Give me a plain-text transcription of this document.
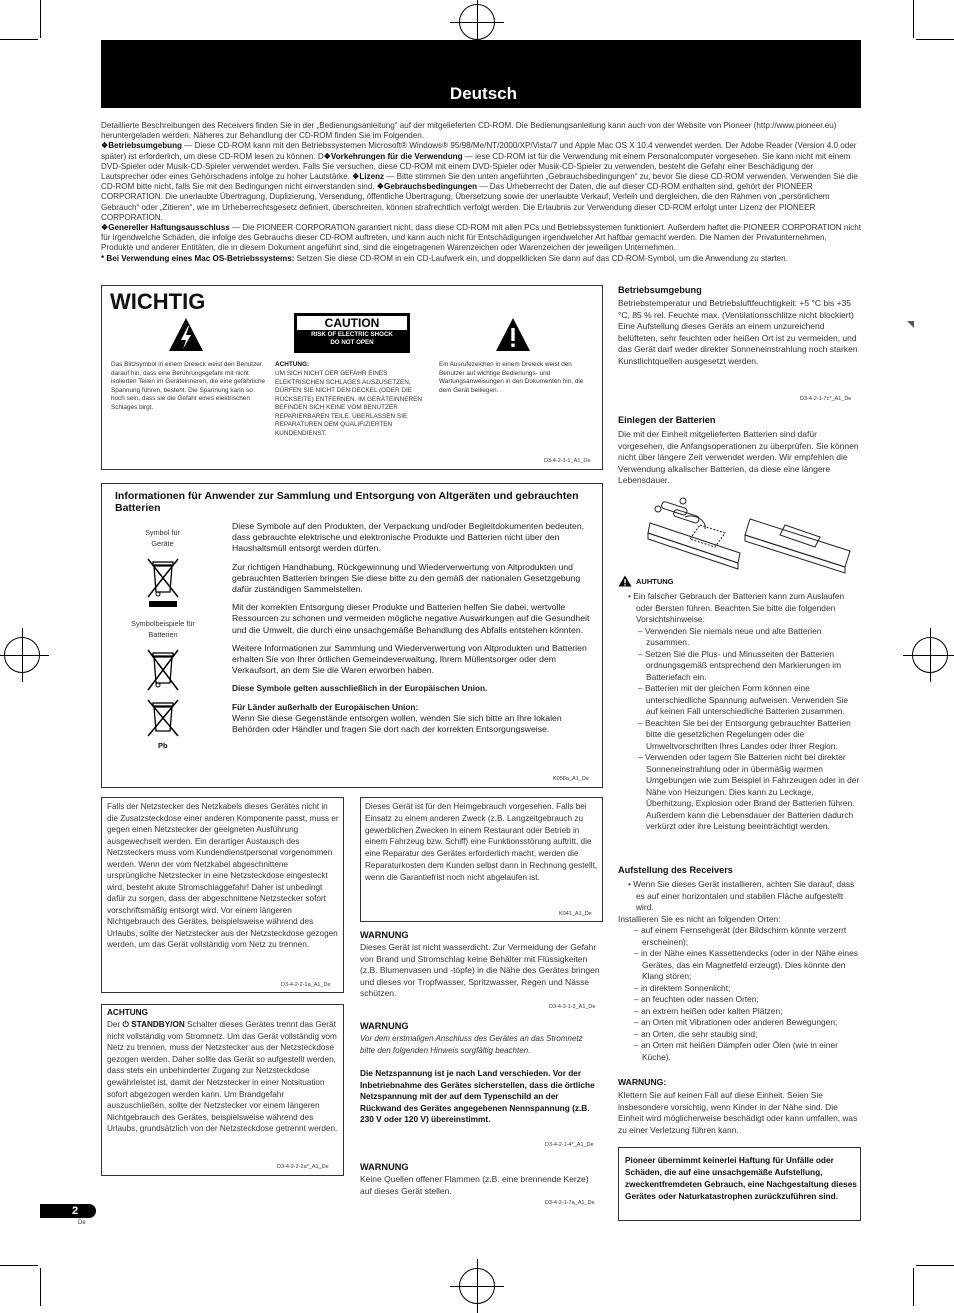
Deutsch

Detaillierte Beschreibungen des Receivers finden Sie in der „Bedienungsanleitung“ auf der mitgelieferten CD-ROM. Die Bedienungsanleitung kann auch von der Website von Pioneer (http://www.pioneer.eu) heruntergeladen werden. Näheres zur Behandlung der CD-ROM finden Sie im Folgenden.

❖Betriebsumgebung — Diese CD-ROM kann mit den Betriebssystemen Microsoft® Windows® 95/98/Me/NT/2000/XP/Vista/7 und Apple Mac OS X 10.4 verwendet werden. Der Adobe Reader (Version 4.0 oder später) ist erforderlich, um diese CD-ROM lesen zu können. D❖Vorkehrungen für die Verwendung — iese CD-ROM ist für die Verwendung mit einem Personalcomputer vorgesehen. Sie kann nicht mit einem DVD-Spieler oder Musik-CD-Spieler verwendet werden. Falls Sie versuchen, diese CD-ROM mit einem DVD-Spieler oder Musik-CD-Spieler zu verwenden, besteht die Gefahr einer Beschädigung der Lautsprecher oder eines Gehörschadens infolge zu hoher Lautstärke. ❖Lizenz — Bitte stimmen Sie den unten angeführten „Gebrauchsbedingungen“ zu, bevor Sie diese CD-ROM verwenden. Verwenden Sie die CD-ROM bitte nicht, falls Sie mit den Bedingungen nicht einverstanden sind. ❖Gebrauchsbedingungen — Das Urheberrecht der Daten, die auf dieser CD-ROM enthalten sind, gehört der PIONEER CORPORATION. Die unerlaubte Übertragung, Duplizierung, Versendung, öffentliche Übertragung, Übersetzung sowie der unerlaubte Verkauf, Verleih und dergleichen, die den Rahmen von „persönlichem Gebrauch“ oder „Zitieren“, wie im Urheberrechtsgesetz definiert, überschreiten, können strafrechtlich verfolgt werden. Die Erlaubnis zur Verwendung dieser CD-ROM erfolgt unter Lizenz der PIONEER CORPORATION.

❖Genereller Haftungsausschluss — Die PIONEER CORPORATION garantiert nicht, dass diese CD-ROM mit allen PCs und Betriebssystemen funktioniert. Außerdem haftet die PIONEER CORPORATION nicht für irgendwelche Schäden, die infolge des Gebrauchs dieser CD-ROM auftreten, und kann auch nicht für Entschädigungen irgendwelcher Art haftbar gemacht werden. Die Namen der Privatunternehmen, Produkte und anderer Entitäten, die in diesem Dokument angeführt sind, sind die eingetragenen Warenzeichen oder Warenzeichen der jeweiligen Unternehmen.

* Bei Verwendung eines Mac OS-Betriebssystems: Setzen Sie diese CD-ROM in ein CD-Laufwerk ein, und doppelklicken Sie dann auf das CD-ROM-Symbol, um die Anwendung zu starten.

WICHTIG
CAUTION
RISK OF ELECTRIC SHOCK
DO NOT OPEN
Das Blitzsymbol in einem Dreieck weist den Benutzer darauf hin, dass eine Berührungsgefahr mit nicht isolierten Teilen im Geräteinneren, die eine gefährliche Spannung führen, besteht. Die Spannung kann so hoch sein, dass sie die Gefahr eines elektrischen Schlages birgt.
ACHTUNG:
UM SICH NICHT DER GEFAHR EINES ELEKTRISCHEN SCHLAGES AUSZUSETZEN, DÜRFEN SIE NICHT DEN DECKEL (ODER DIE RÜCKSEITE) ENTFERNEN. IM GERÄTEINNEREN BEFINDEN SICH KEINE VOM BENUTZER REPARIERBAREN TEILE. ÜBERLASSEN SIE REPARATUREN DEM QUALIFIZIERTEN KUNDENDIENST.
Ein Ausrufezeichen in einem Dreieck weist den Benutzer auf wichtige Bedienungs- und Wartungsanweisungen in den Dokumenten hin, die dem Gerät beiliegen.
D3-4-2-1-1_A1_De
Informationen für Anwender zur Sammlung und Entsorgung von Altgeräten und gebrauchten Batterien
Symbol für Geräte
Symbolbeispiele für Batterien
Pb
Diese Symbole auf den Produkten, der Verpackung und/oder Begleitdokumenten bedeuten, dass gebrauchte elektrische und elektronische Produkte und Batterien nicht über den Haushaltsmüll entsorgt werden dürfen.
Zur richtigen Handhabung, Rückgewinnung und Wiederverwertung von Altprodukten und gebrauchten Batterien bringen Sie diese bitte zu den gemäß der nationalen Gesetzgebung dafür zuständigen Sammelstellen.
Mit der korrekten Entsorgung dieser Produkte und Batterien helfen Sie dabei, wertvolle Ressourcen zu schonen und vermeiden mögliche negative Auswirkungen auf die Gesundheit und die Umwelt, die durch eine unsachgemäße Behandlung des Abfalls entstehen könnten.
Weitere Informationen zur Sammlung und Wiederverwertung von Altprodukten und Batterien erhalten Sie von Ihrer örtlichen Gemeindeverwaltung, Ihrem Müllentsorger oder dem Verkaufsort, an dem Sie die Waren erworben haben.
Diese Symbole gelten ausschließlich in der Europäischen Union.
Für Länder außerhalb der Europäischen Union:
Wenn Sie diese Gegenstände entsorgen wollen, wenden Sie sich bitte an Ihre lokalen Behörden oder Händler und fragen Sie dort nach der korrekten Entsorgungsweise.
K058a_A1_De
Falls der Netzstecker des Netzkabels dieses Gerätes nicht in die Zusatzsteckdose einer anderen Komponente passt, muss er gegen einen Netzstecker der geeigneten Ausführung ausgewechselt werden. Ein derartiger Austausch des Netzsteckers muss vom Kundendienstpersonal vorgenommen werden. Wenn der vom Netzkabel abgeschnittene ursprüngliche Netzstecker in eine Netzsteckdose eingesteckt wird, besteht akute Stromschlaggefahr! Daher ist unbedingt dafür zu sorgen, dass der abgeschnittene Netzstecker sofort vorschriftsmäßig entsorgt wird. Vor einem längeren Nichtgebrauch des Gerätes, beispielsweise während des Urlaubs, sollte der Netzstecker aus der Netzsteckdose gezogen werden, um das Gerät vollständig vom Netz zu trennen.
D3-4-2-2-1a_A1_De
ACHTUNG
Der ⏻ STANDBY/ON Schalter dieses Gerätes trennt das Gerät nicht vollständig vom Stromnetz. Um das Gerät vollständig vom Netz zu trennen, muss der Netzstecker aus der Netzsteckdose gezogen werden. Daher sollte das Gerät so aufgestellt werden, dass stets ein unbehinderter Zugang zur Netzsteckdose gewährleistet ist, damit der Netzstecker in einer Notsituation sofort abgezogen werden kann. Um Brandgefahr auszuschließen, sollte der Netzstecker vor einem längeren Nichtgebrauch des Gerätes, beispielsweise während des Urlaubs, grundsätzlich von der Netzsteckdose getrennt werden.
D3-4-2-2-2a*_A1_De
Dieses Gerät ist für den Heimgebrauch vorgesehen. Falls bei Einsatz zu einem anderen Zweck (z.B. Langzeitgebrauch zu gewerblichen Zwecken in einem Restaurant oder Betrieb in einem Fahrzeug bzw. Schiff) eine Funktionsstörung auftritt, die eine Reparatur des Gerätes erforderlich macht, werden die Reparaturkosten dem Kunden selbst dann in Rechnung gestellt, wenn die Garantiefrist noch nicht abgelaufen ist.
K041_A1_De
WARNUNG
Dieses Gerät ist nicht wasserdicht. Zur Vermeidung der Gefahr von Brand und Stromschlag keine Behälter mit Flüssigkeiten (z.B. Blumenvasen und -töpfe) in die Nähe des Gerätes bringen und dieses vor Tropfwasser, Spritzwasser, Regen und Nässe schützen.
D3-4-2-1-3_A1_De
WARNUNG
Vor dem erstmaligen Anschluss des Gerätes an das Stromnetz bitte den folgenden Hinweis sorgfältig beachten.
Die Netzspannung ist je nach Land verschieden. Vor der Inbetriebnahme des Gerätes sicherstellen, dass die örtliche Netzspannung mit der auf dem Typenschild an der Rückwand des Gerätes angegebenen Nennspannung (z.B. 230 V oder 120 V) übereinstimmt.
D3-4-2-1-4*_A1_De
WARNUNG
Keine Quellen offener Flammen (z.B. eine brennende Kerze) auf dieses Gerät stellen.
D3-4-2-1-7a_A1_De
Betriebsumgebung
Betriebstemperatur und Betriebsluftfeuchtigkeit: +5 °C bis +35 °C, 85 % rel. Feuchte max. (Ventilationsschlitze nicht blockiert) Eine Aufstellung dieses Geräts an einem unzureichend belüfteten, sehr feuchten oder heißen Ort ist zu vermeiden, und das Gerät darf weder direkter Sonneneinstrahlung noch starken Kunstlichtquellen ausgesetzt werden.
D3-4-2-1-7c*_A1_De
Einlegen der Batterien
Die mit der Einheit mitgelieferten Batterien sind dafür vorgesehen, die Anfangsoperationen zu überprüfen. Sie können nicht über längere Zeit verwendet werden. Wir empfehlen die Verwendung alkalischer Batterien, da diese eine längere Lebensdauer.
AUHTUNG
• Ein falscher Gebrauch der Batterien kann zum Auslaufen oder Bersten führen. Beachten Sie bitte die folgenden Vorsichtshinweise:
– Verwenden Sie niemals neue und alte Batterien zusammen.
– Setzen Sie die Plus- und Minusseiten der Batterien ordnungsgemäß entsprechend den Markierungen im Batteriefach ein.
– Batterien mit der gleichen Form können eine unterschiedliche Spannung aufweisen. Verwenden Sie auf keinen Fall unterschiedliche Batterien zusammen.
– Beachten Sie bei der Entsorgung gebrauchter Batterien bitte die gesetzlichen Regelungen oder die Umweltvorschriften Ihres Landes oder Ihrer Region.
– Verwenden oder lagern Sie Batterien nicht bei direkter Sonneneinstrahlung oder in übermäßig warmen Umgebungen wie zum Beispiel in Fahrzeugen oder in der Nähe von Heizungen. Dies kann zu Leckage, Überhitzung, Explosion oder Brand der Batterien führen. Außerdem kann die Lebensdauer der Batterien dadurch verkürzt oder ihre Leistung beeinträchtigt werden.
Aufstellung des Receivers
• Wenn Sie dieses Gerät installieren, achten Sie darauf, dass es auf einer horizontalen und stabilen Fläche aufgestellt wird.
Installieren Sie es nicht an folgenden Orten:
– auf einem Fernsehgerät (der Bildschirm könnte verzerrt erscheinen);
– in der Nähe eines Kassettendecks (oder in der Nähe eines Gerätes, das ein Magnetfeld erzeugt). Dies könnte den Klang stören;
– in direktem Sonnenlicht;
– an feuchten oder nassen Orten;
– an extrem heißen oder kalten Plätzen;
– an Orten mit Vibrationen oder anderen Bewegungen;
– an Orten, die sehr staubig sind;
– an Orten mit heißen Dämpfen oder Ölen (wie in einer Küche).
WARNUNG:
Klettern Sie auf keinen Fall auf diese Einheit. Seien Sie insbesondere vorsichtig, wenn Kinder in der Nähe sind. Die Einheit wird möglicherweise beschädigt oder kann umfallen, was zu einer Verletzung führen kann.
Pioneer übernimmt keinerlei Haftung für Unfälle oder Schäden, die auf eine unsachgemäße Aufstellung, zweckentfremdeten Gebrauch, eine Nachgestaltung dieses Gerätes oder Naturkatastrophen zurückzuführen sind.
2
De
